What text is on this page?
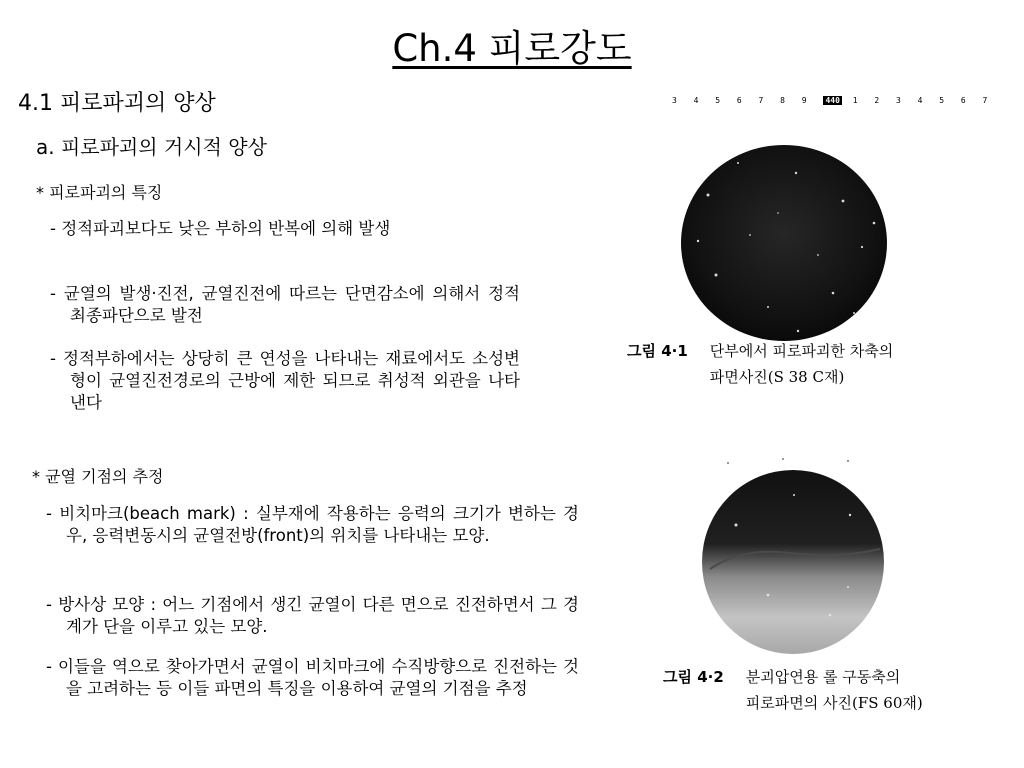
Ch.4 피로강도
4.1 피로파괴의 양상
a. 피로파괴의 거시적 양상
* 피로파괴의 특징
- 정적파괴보다도 낮은 부하의 반복에 의해 발생
- 균열의 발생·진전, 균열진전에 따르는 단면감소에 의해서 정적 최종파단으로 발전
- 정적부하에서는 상당히 큰 연성을 나타내는 재료에서도 소성변형이 균열진전경로의 근방에 제한 되므로 취성적 외관을 나타낸다
* 균열 기점의 추정
- 비치마크(beach mark) : 실부재에 작용하는 응력의 크기가 변하는 경우, 응력변동시의 균열전방(front)의 위치를 나타내는 모양.
- 방사상 모양 : 어느 기점에서 생긴 균열이 다른 면으로 진전하면서 그 경계가 단을 이루고 있는 모양.
- 이들을 역으로 찾아가면서 균열이 비치마크에 수직방향으로 진전하는 것을 고려하는 등 이들 파면의 특징을 이용하여 균열의 기점을 추정
3 4 5 6 7 8 9 440 1 2 3 4 5 6 7
그림 4·1 단부에서 피로파괴한 차축의
파면사진(S 38 C재)
그림 4·2 분괴압연용 롤 구동축의
피로파면의 사진(FS 60재)
